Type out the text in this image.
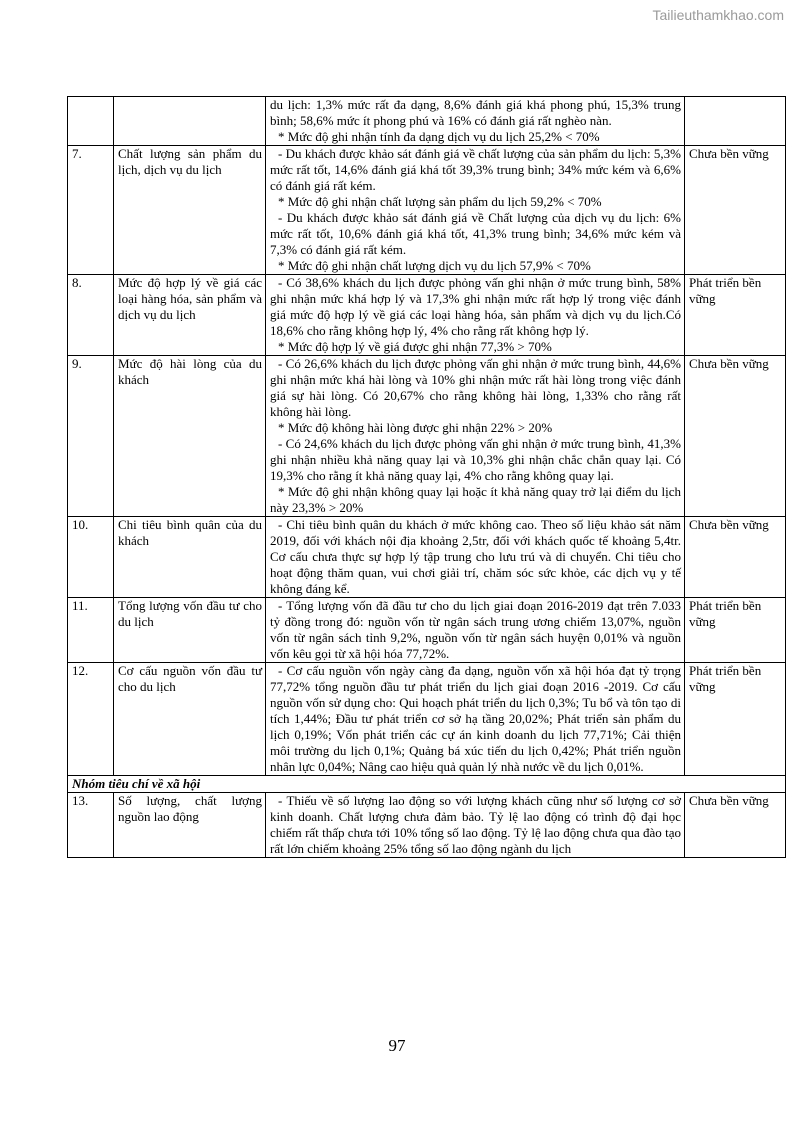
Tailieuthamkhao.com

		du lịch: 1,3% mức rất đa dạng, 8,6% đánh giá khá phong phú, 15,3% trung bình; 58,6% mức ít phong phú và 16% có đánh giá rất nghèo nàn.

* Mức độ ghi nhận tính đa dạng dịch vụ du lịch 25,2% < 70%	

7.	Chất lượng sản phẩm du lịch, dịch vụ du lịch	- Du khách được khảo sát đánh giá về chất lượng của sản phẩm du lịch: 5,3% mức rất tốt, 14,6% đánh giá khá tốt 39,3% trung bình; 34% mức kém và 6,6% có đánh giá rất kém.

* Mức độ ghi nhận chất lượng sản phẩm du lịch 59,2% < 70%

- Du khách được khảo sát đánh giá về Chất lượng của dịch vụ du lịch: 6% mức rất tốt, 10,6% đánh giá khá tốt, 41,3% trung bình; 34,6% mức kém và 7,3% có đánh giá rất kém.

* Mức độ ghi nhận chất lượng dịch vụ du lịch 57,9% < 70%	Chưa bền vững
8.	Mức độ hợp lý về giá các loại hàng hóa, sản phẩm và dịch vụ du lịch	- Có 38,6% khách du lịch được phỏng vấn ghi nhận ở mức trung bình, 58% ghi nhận mức khá hợp lý và 17,3% ghi nhận mức rất hợp lý trong việc đánh giá mức độ hợp lý về giá các loại hàng hóa, sản phẩm và dịch vụ du lịch.Có 18,6% cho rằng không hợp lý, 4% cho rằng rất không hợp lý.

* Mức độ hợp lý về giá được ghi nhận 77,3% > 70%	Phát triển bền vững
9.	Mức độ hài lòng của du khách	- Có 26,6% khách du lịch được phỏng vấn ghi nhận ở mức trung bình, 44,6% ghi nhận mức khá hài lòng và 10% ghi nhận mức rất hài lòng trong việc đánh giá sự hài lòng. Có 20,67% cho rằng không hài lòng, 1,33% cho rằng rất không hài lòng.

* Mức độ không hài lòng được ghi nhận 22% > 20%

- Có 24,6% khách du lịch được phỏng vấn ghi nhận ở mức trung bình, 41,3% ghi nhận nhiều khả năng quay lại và 10,3% ghi nhận chắc chắn quay lại. Có 19,3% cho rằng ít khả năng quay lại, 4% cho rằng không quay lại.

* Mức độ ghi nhận không quay lại hoặc ít khả năng quay trở lại điểm du lịch này 23,3% > 20%	Chưa bền vững
10.	Chi tiêu bình quân của du khách	- Chi tiêu bình quân du khách ở mức không cao. Theo số liệu khảo sát năm 2019, đối với khách nội địa khoảng 2,5tr, đối với khách quốc tế khoảng 5,4tr. Cơ cấu chưa thực sự hợp lý tập trung cho lưu trú và di chuyển. Chi tiêu cho hoạt động thăm quan, vui chơi giải trí, chăm sóc sức khỏe, các dịch vụ y tế không đáng kể.	Chưa bền vững
11.	Tổng lượng vốn đầu tư cho du lịch	- Tổng lượng vốn đã đầu tư cho du lịch giai đoạn 2016-2019 đạt trên 7.033 tỷ đồng trong đó: nguồn vốn từ ngân sách trung ương chiếm 13,07%, nguồn vốn từ ngân sách tỉnh 9,2%, nguồn vốn từ ngân sách huyện 0,01% và nguồn vốn kêu gọi từ xã hội hóa 77,72%.	Phát triển bền vững
12.	Cơ cấu nguồn vốn đầu tư cho du lịch	- Cơ cấu nguồn vốn ngày càng đa dạng, nguồn vốn xã hội hóa đạt tỷ trọng 77,72% tổng nguồn đầu tư phát triển du lịch giai đoạn 2016 -2019. Cơ cấu nguồn vốn sử dụng cho: Qui hoạch phát triển du lịch 0,3%; Tu bổ và tôn tạo di tích 1,44%; Đầu tư phát triển cơ sở hạ tầng 20,02%; Phát triển sản phẩm du lịch 0,19%; Vốn phát triển các cự án kinh doanh du lịch 77,71%; Cải thiện môi trường du lịch 0,1%; Quảng bá xúc tiến du lịch 0,42%; Phát triển nguồn nhân lực 0,04%; Nâng cao hiệu quả quản lý nhà nước về du lịch 0,01%.	Phát triển bền vững
Nhóm tiêu chí về xã hội			
13.	Số lượng, chất lượng nguồn lao động	- Thiếu về số lượng lao động so với lượng khách cũng như số lượng cơ sở kinh doanh. Chất lượng chưa đảm bảo. Tỷ lệ lao động có trình độ đại học chiếm rất thấp chưa tới 10% tổng số lao động. Tỷ lệ lao động chưa qua đào tạo rất lớn chiếm khoảng 25% tổng số lao động ngành du lịch	Chưa bền vững
97
